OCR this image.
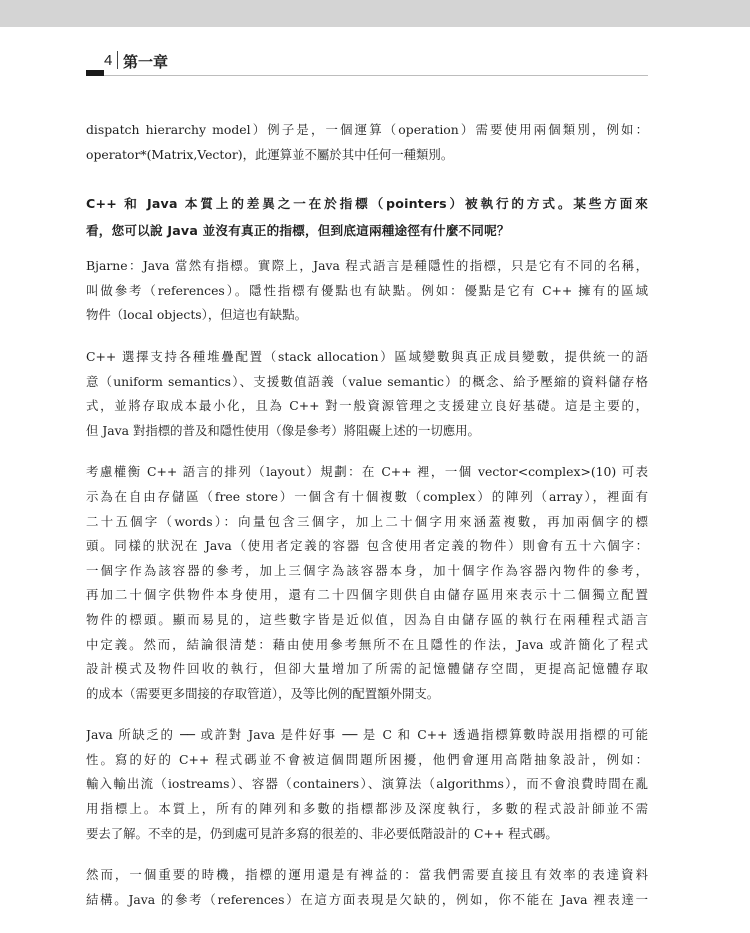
4 第一章
dispatch hierarchy model）例子是，一個運算（operation）需要使用兩個類別，例如：
operator*(Matrix,Vector)，此運算並不屬於其中任何一種類別。
C++ 和 Java 本質上的差異之一在於指標（pointers）被執行的方式。某些方面來
看，您可以說 Java 並沒有真正的指標，但到底這兩種途徑有什麼不同呢？
Bjarne：Java 當然有指標。實際上，Java 程式語言是種隱性的指標，只是它有不同的名稱，
叫做參考（references）。隱性指標有優點也有缺點。例如：優點是它有 C++ 擁有的區域
物件（local objects），但這也有缺點。
C++ 選擇支持各種堆疊配置（stack allocation）區域變數與真正成員變數，提供統一的語
意（uniform semantics）、支援數值語義（value semantic）的概念、給予壓縮的資料儲存格
式，並將存取成本最小化，且為 C++ 對一般資源管理之支援建立良好基礎。這是主要的，
但 Java 對指標的普及和隱性使用（像是參考）將阻礙上述的一切應用。
考慮權衡 C++ 語言的排列（layout）規劃：在 C++ 裡，一個 vector<complex>(10) 可表
示為在自由存儲區（free store）一個含有十個複數（complex）的陣列（array），裡面有
二十五個字（words）：向量包含三個字，加上二十個字用來涵蓋複數，再加兩個字的標
頭。同樣的狀況在 Java（使用者定義的容器 包含使用者定義的物件）則會有五十六個字：
一個字作為該容器的參考，加上三個字為該容器本身，加十個字作為容器內物件的參考，
再加二十個字供物件本身使用，還有二十四個字則供自由儲存區用來表示十二個獨立配置
物件的標頭。顯而易見的，這些數字皆是近似值，因為自由儲存區的執行在兩種程式語言
中定義。然而，結論很清楚：藉由使用參考無所不在且隱性的作法，Java 或許簡化了程式
設計模式及物件回收的執行，但卻大量增加了所需的記憶體儲存空間，更提高記憶體存取
的成本（需要更多間接的存取管道），及等比例的配置額外開支。
Java 所缺乏的 ── 或許對 Java 是件好事 ── 是 C 和 C++ 透過指標算數時誤用指標的可能
性。寫的好的 C++ 程式碼並不會被這個問題所困擾，他們會運用高階抽象設計，例如：
輸入輸出流（iostreams）、容器（containers）、演算法（algorithms），而不會浪費時間在亂
用指標上。本質上，所有的陣列和多數的指標都涉及深度執行，多數的程式設計師並不需
要去了解。不幸的是，仍到處可見許多寫的很差的、非必要低階設計的 C++ 程式碼。
然而，一個重要的時機，指標的運用還是有裨益的：當我們需要直接且有效率的表達資料
結構。Java 的參考（references）在這方面表現是欠缺的，例如，你不能在 Java 裡表達一
